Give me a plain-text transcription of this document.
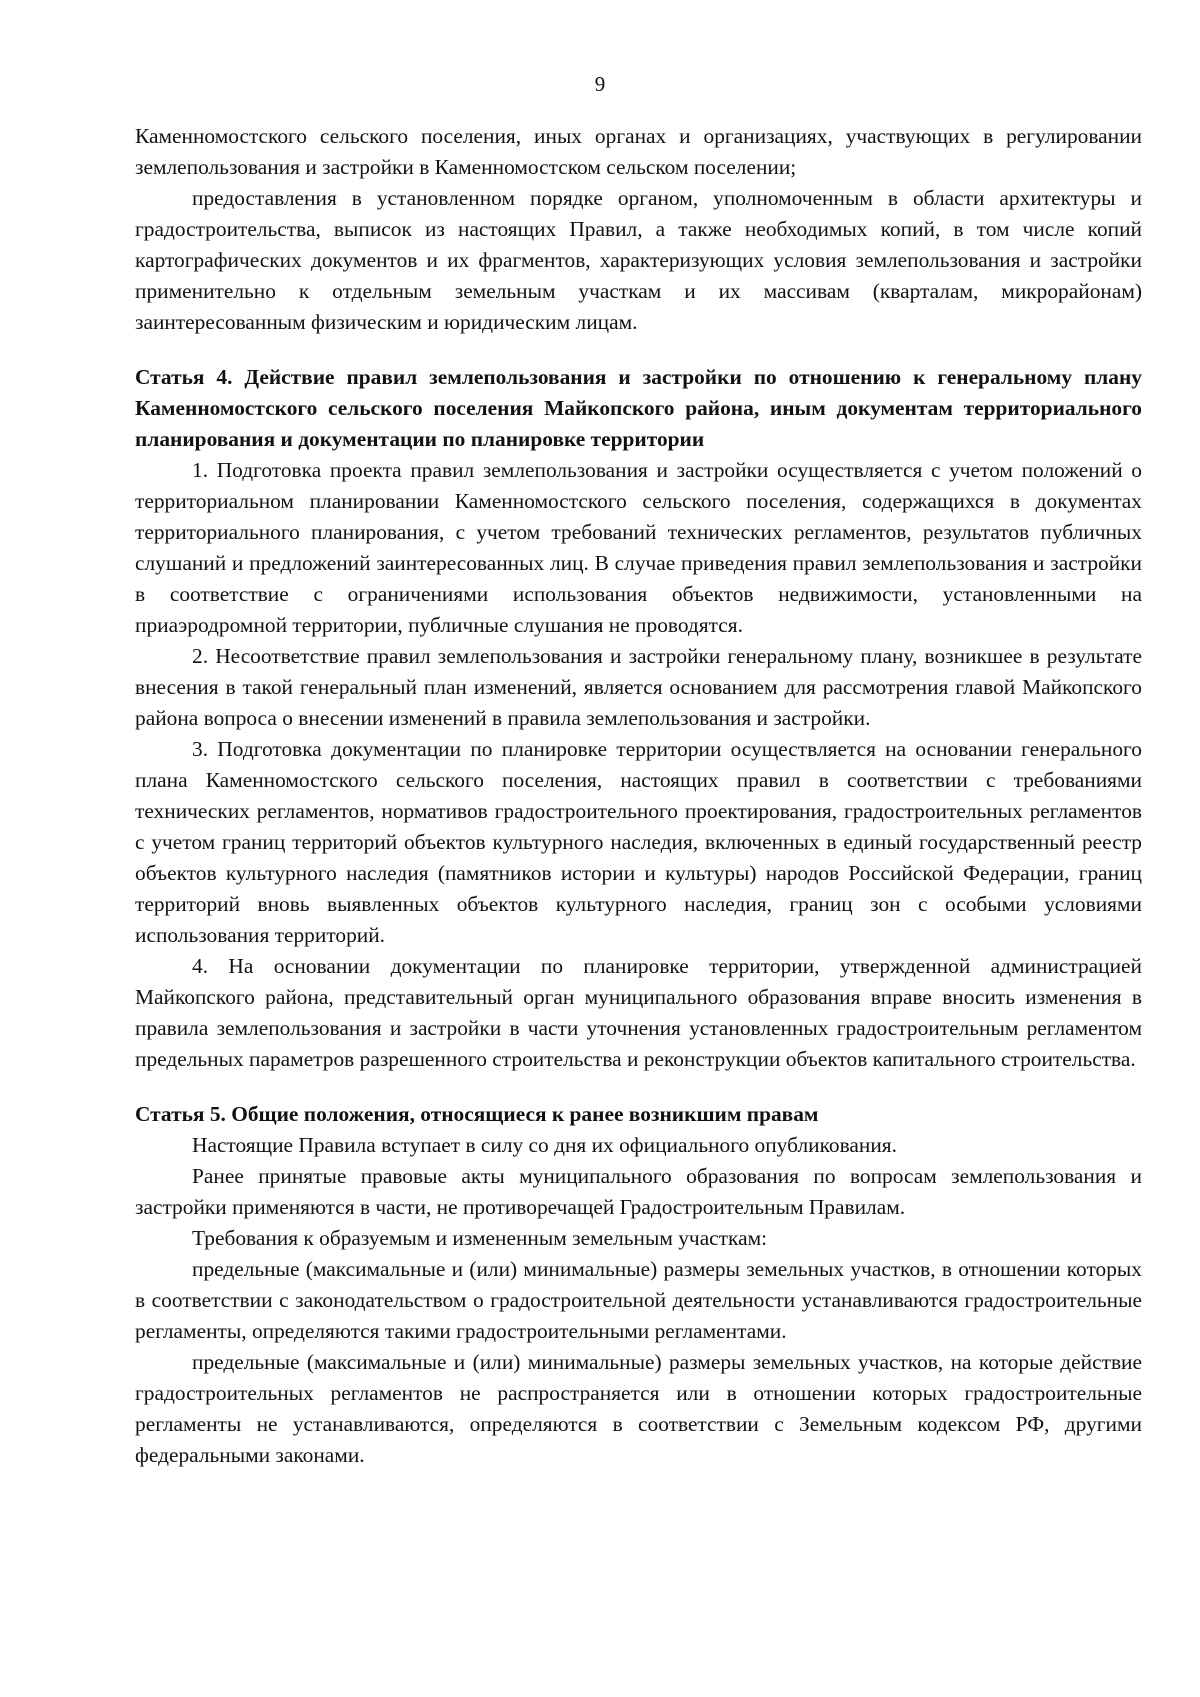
9

Каменномостского сельского поселения, иных органах и организациях, участвующих в регулировании землепользования и застройки в Каменномостском сельском поселении;

предоставления в установленном порядке органом, уполномоченным в области архитектуры и градостроительства, выписок из настоящих Правил, а также необходимых копий, в том числе копий картографических документов и их фрагментов, характеризующих условия землепользования и застройки применительно к отдельным земельным участкам и их массивам (кварталам, микрорайонам) заинтересованным физическим и юридическим лицам.

Статья 4. Действие правил землепользования и застройки по отношению к генеральному плану Каменномостского сельского поселения Майкопского района, иным документам территориального планирования и документации по планировке территории

1. Подготовка проекта правил землепользования и застройки осуществляется с учетом положений о территориальном планировании Каменномостского сельского поселения, содержащихся в документах территориального планирования, с учетом требований технических регламентов, результатов публичных слушаний и предложений заинтересованных лиц. В случае приведения правил землепользования и застройки в соответствие с ограничениями использования объектов недвижимости, установленными на приаэродромной территории, публичные слушания не проводятся.

2. Несоответствие правил землепользования и застройки генеральному плану, возникшее в результате внесения в такой генеральный план изменений, является основанием для рассмотрения главой Майкопского района вопроса о внесении изменений в правила землепользования и застройки.

3. Подготовка документации по планировке территории осуществляется на основании генерального плана Каменномостского сельского поселения, настоящих правил в соответствии с требованиями технических регламентов, нормативов градостроительного проектирования, градостроительных регламентов с учетом границ территорий объектов культурного наследия, включенных в единый государственный реестр объектов культурного наследия (памятников истории и культуры) народов Российской Федерации, границ территорий вновь выявленных объектов культурного наследия, границ зон с особыми условиями использования территорий.

4. На основании документации по планировке территории, утвержденной администрацией Майкопского района, представительный орган муниципального образования вправе вносить изменения в правила землепользования и застройки в части уточнения установленных градостроительным регламентом предельных параметров разрешенного строительства и реконструкции объектов капитального строительства.

Статья 5. Общие положения, относящиеся к ранее возникшим правам

Настоящие Правила вступает в силу со дня их официального опубликования.

Ранее принятые правовые акты муниципального образования по вопросам землепользования и застройки применяются в части, не противоречащей Градостроительным Правилам.

Требования к образуемым и измененным земельным участкам:

предельные (максимальные и (или) минимальные) размеры земельных участков, в отношении которых в соответствии с законодательством о градостроительной деятельности устанавливаются градостроительные регламенты, определяются такими градостроительными регламентами.

предельные (максимальные и (или) минимальные) размеры земельных участков, на которые действие градостроительных регламентов не распространяется или в отношении которых градостроительные регламенты не устанавливаются, определяются в соответствии с Земельным кодексом РФ, другими федеральными законами.
